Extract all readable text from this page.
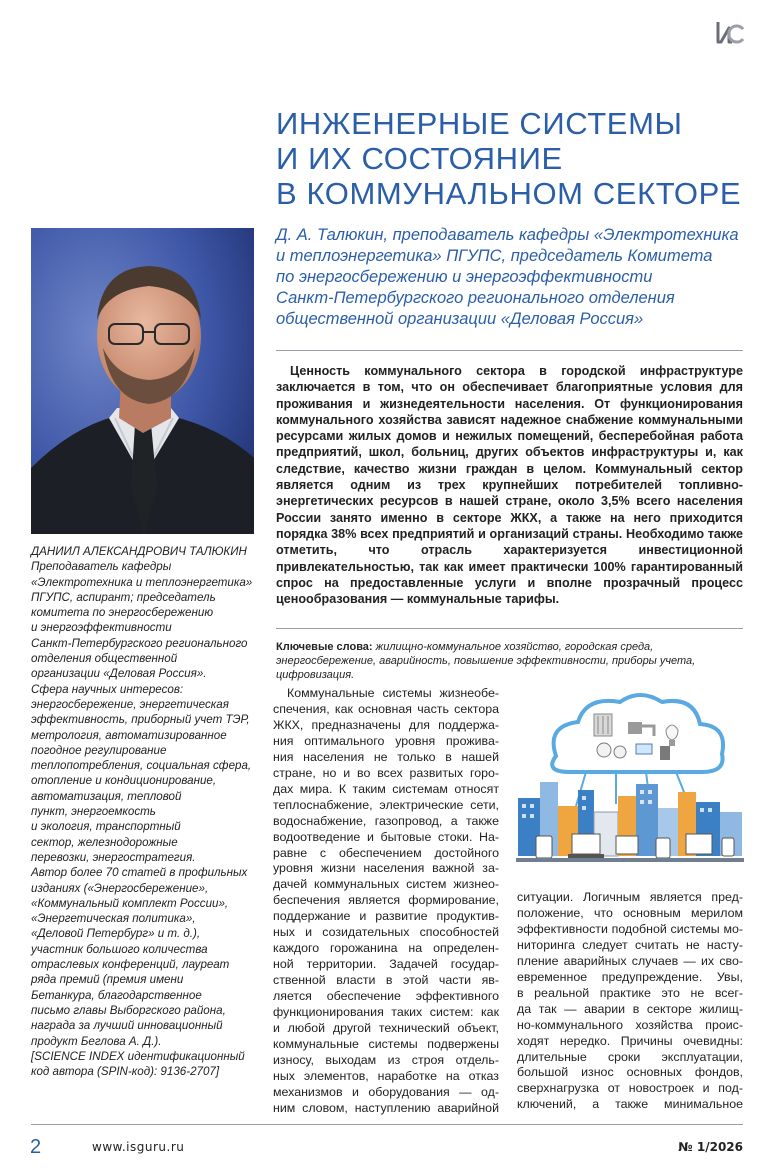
ИНЖЕНЕРНЫЕ СИСТЕМЫ
И ИХ СОСТОЯНИЕ
В КОММУНАЛЬНОМ СЕКТОРЕ
Д. А. Талюкин, преподаватель кафедры «Электротехника
и теплоэнергетика» ПГУПС, председатель Комитета
по энергосбережению и энергоэффективности
Санкт-Петербургского регионального отделения
общественной организации «Деловая Россия»

Ценность коммунального сектора в городской инфраструктуре заключается в том, что он обеспечивает благоприятные условия для проживания и жизнедеятельности населения. От функционирования коммунального хозяйства зависят надежное снабжение коммунальными ресурсами жилых домов и нежилых помещений, бесперебойная работа предприятий, школ, больниц, других объектов инфраструктуры и, как следствие, качество жизни граждан в целом. Коммунальный сектор является одним из трех крупнейших потребителей топливно-энергетических ресурсов в нашей стране, около 3,5% всего населения России занято именно в секторе ЖКХ, а также на него приходится порядка 38% всех предприятий и организаций страны. Необходимо также отметить, что отрасль характеризуется инвестиционной привлекательностью, так как имеет практически 100% гарантированный спрос на предоставленные услуги и вполне прозрачный процесс ценообразования — коммунальные тарифы.

Ключевые слова: жилищно-коммунальное хозяйство, городская среда, энергосбережение, аварийность, повышение эффективности, приборы учета, цифровизация.
ДАНИИЛ АЛЕКСАНДРОВИЧ ТАЛЮКИН
Преподаватель кафедры
«Электротехника и теплоэнергетика»
ПГУПС, аспирант; председатель
комитета по энергосбережению
и энергоэффективности
Санкт-Петербургского регионального
отделения общественной
организации «Деловая Россия».
Сфера научных интересов:
энергосбережение, энергетическая
эффективность, приборный учет ТЭР,
метрология, автоматизированное
погодное регулирование
теплопотребления, социальная сфера,
отопление и кондиционирование,
автоматизация, тепловой
пункт, энергоемкость
и экология, транспортный
сектор, железнодорожные
перевозки, энергостратегия.
Автор более 70 статей в профильных
изданиях («Энергосбережение»,
«Коммунальный комплект России»,
«Энергетическая политика»,
«Деловой Петербург» и т. д.),
участник большого количества
отраслевых конференций, лауреат
ряда премий (премия имени
Бетанкура, благодарственное
письмо главы Выборгского района,
награда за лучший инновационный
продукт Беглова А. Д.).
[SCIENCE INDEX идентификационный
код автора (SPIN-код): 9136-2707]
Коммунальные системы жизнеобе-
спечения, как основная часть сектора
ЖКХ, предназначены для поддержа-
ния оптимального уровня прожива-
ния населения не только в нашей
стране, но и во всех развитых горо-
дах мира. К таким системам относят
теплоснабжение, электрические сети,
водоснабжение, газопровод, а также
водоотведение и бытовые стоки. На-
равне с обеспечением достойного
уровня жизни населения важной за-
дачей коммунальных систем жизнео-
беспечения является формирование,
поддержание и развитие продуктив-
ных и созидательных способностей
каждого горожанина на определен-
ной территории. Задачей государ-
ственной власти в этой части яв-
ляется обеспечение эффективного
функционирования таких систем: как
и любой другой технический объект,
коммунальные системы подвержены
износу, выходам из строя отдель-
ных элементов, наработке на отказ
механизмов и оборудования — од-
ним словом, наступлению аварийной
ситуации. Логичным является пред-
положение, что основным мерилом
эффективности подобной системы мо-
ниторинга следует считать не насту-
пление аварийных случаев — их сво-
евременное предупреждение. Увы,
в реальной практике это не всег-
да так — аварии в секторе жилищ-
но-коммунального хозяйства проис-
ходят нередко. Причины очевидны:
длительные сроки эксплуатации,
большой износ основных фондов,
сверхнагрузка от новостроек и под-
ключений, а также минимальное
2	www.isguru.ru	№ 1/2026
